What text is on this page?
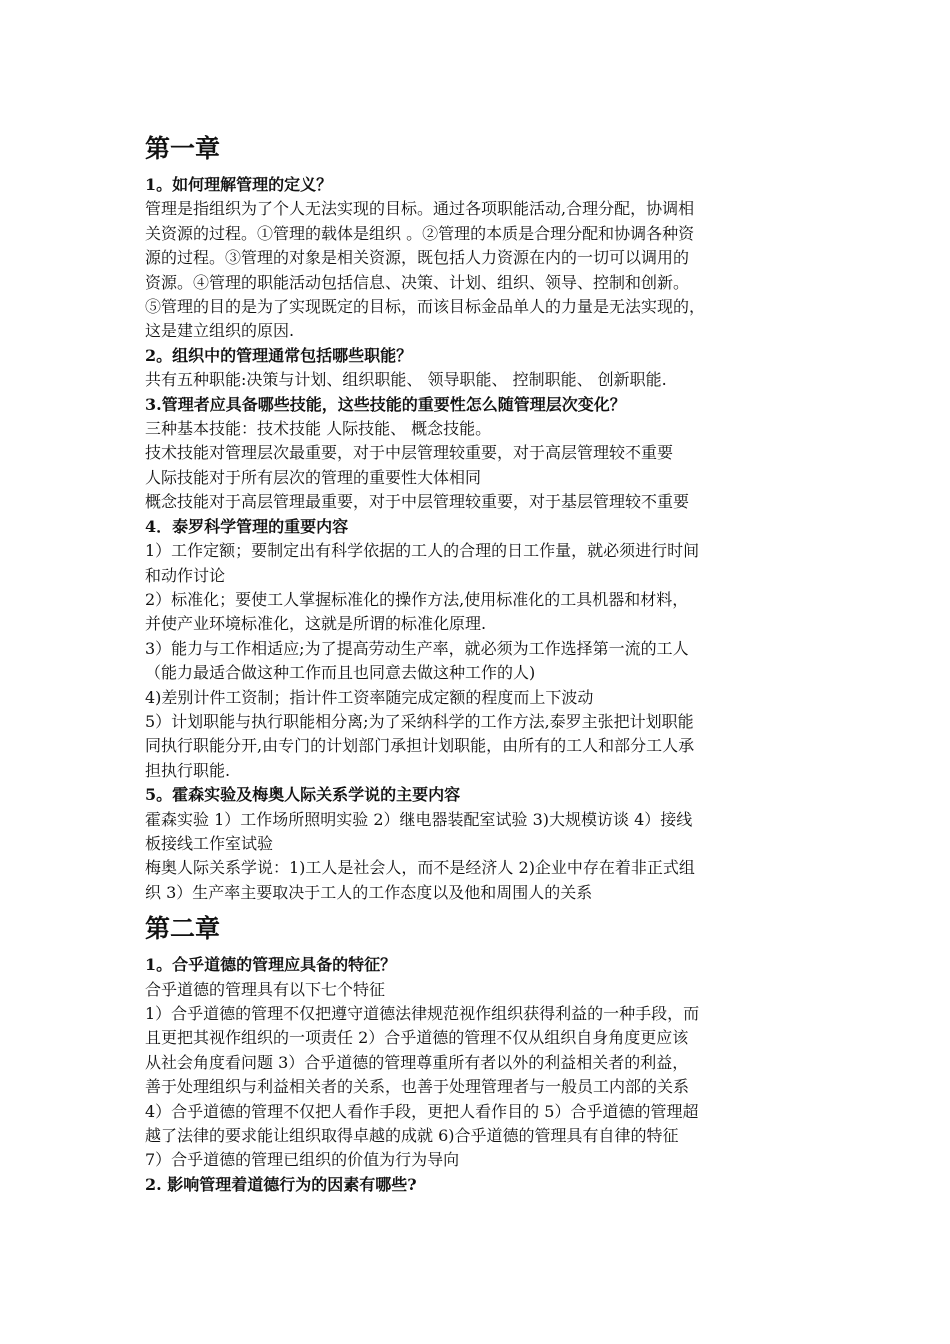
第一章
1。如何理解管理的定义？
管理是指组织为了个人无法实现的目标。通过各项职能活动,合理分配，协调相
关资源的过程。①管理的载体是组织 。②管理的本质是合理分配和协调各种资
源的过程。③管理的对象是相关资源，既包括人力资源在内的一切可以调用的
资源。④管理的职能活动包括信息、决策、计划、组织、领导、控制和创新。
⑤管理的目的是为了实现既定的目标，而该目标金品单人的力量是无法实现的，
这是建立组织的原因.
2。组织中的管理通常包括哪些职能？
共有五种职能:决策与计划、组织职能、 领导职能、 控制职能、 创新职能.
3.管理者应具备哪些技能，这些技能的重要性怎么随管理层次变化？
三种基本技能：技术技能 人际技能、 概念技能。
技术技能对管理层次最重要，对于中层管理较重要，对于高层管理较不重要
人际技能对于所有层次的管理的重要性大体相同
概念技能对于高层管理最重要，对于中层管理较重要，对于基层管理较不重要
4．泰罗科学管理的重要内容
1）工作定额；要制定出有科学依据的工人的合理的日工作量，就必须进行时间
和动作讨论
2）标准化；要使工人掌握标准化的操作方法,使用标准化的工具机器和材料，
并使产业环境标准化，这就是所谓的标准化原理.
3）能力与工作相适应;为了提高劳动生产率，就必须为工作选择第一流的工人
（能力最适合做这种工作而且也同意去做这种工作的人)
4)差别计件工资制；指计件工资率随完成定额的程度而上下波动
5）计划职能与执行职能相分离;为了采纳科学的工作方法,泰罗主张把计划职能
同执行职能分开,由专门的计划部门承担计划职能，由所有的工人和部分工人承
担执行职能.
5。霍森实验及梅奥人际关系学说的主要内容
霍森实验 1）工作场所照明实验 2）继电器装配室试验 3)大规模访谈 4）接线
板接线工作室试验
梅奥人际关系学说：1)工人是社会人，而不是经济人 2)企业中存在着非正式组
织 3）生产率主要取决于工人的工作态度以及他和周围人的关系
第二章
1。合乎道德的管理应具备的特征？
合乎道德的管理具有以下七个特征
1）合乎道德的管理不仅把遵守道德法律规范视作组织获得利益的一种手段，而
且更把其视作组织的一项责任 2）合乎道德的管理不仅从组织自身角度更应该
从社会角度看问题 3）合乎道德的管理尊重所有者以外的利益相关者的利益，
善于处理组织与利益相关者的关系，也善于处理管理者与一般员工内部的关系
4）合乎道德的管理不仅把人看作手段，更把人看作目的 5）合乎道德的管理超
越了法律的要求能让组织取得卓越的成就 6)合乎道德的管理具有自律的特征
7）合乎道德的管理已组织的价值为行为导向
2. 影响管理着道德行为的因素有哪些?
